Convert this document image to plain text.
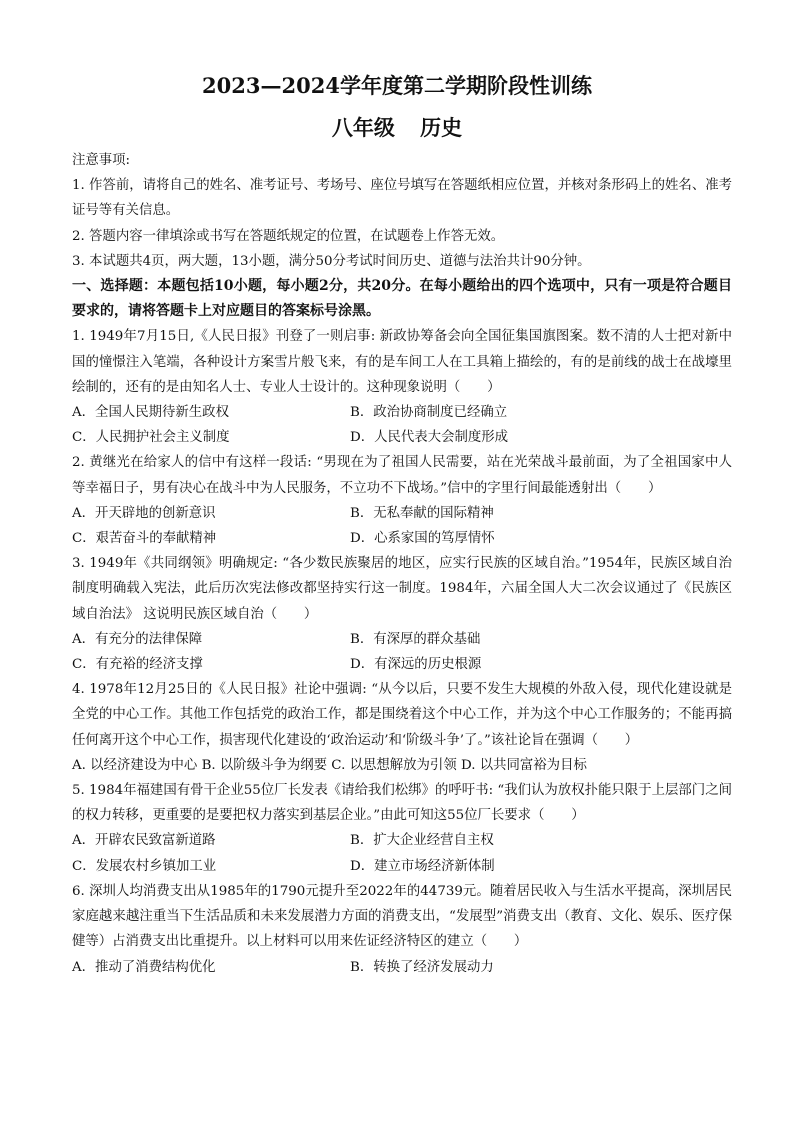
2023—2024学年度第二学期阶段性训练
八年级 历史

注意事项:

1. 作答前，请将自己的姓名、准考证号、考场号、座位号填写在答题纸相应位置，并核对条形码上的姓名、准考证号等有关信息。

2. 答题内容一律填涂或书写在答题纸规定的位置，在试题卷上作答无效。

3. 本试题共4页，两大题，13小题，满分50分考试时间历史、道德与法治共计90分钟。

一、选择题：本题包括10小题，每小题2分，共20分。在每小题给出的四个选项中，只有一项是符合题目要求的，请将答题卡上对应题目的答案标号涂黑。

1. 1949年7月15日,《人民日报》刊登了一则启事: 新政协筹备会向全国征集国旗图案。数不清的人士把对新中国的憧憬注入笔端，各种设计方案雪片般飞来，有的是车间工人在工具箱上描绘的，有的是前线的战士在战壕里绘制的，还有的是由知名人士、专业人士设计的。这种现象说明（　　）

A．全国人民期待新生政权	B．政治协商制度已经确立
C．人民拥护社会主义制度	D．人民代表大会制度形成

2. 黄继光在给家人的信中有这样一段话: “男现在为了祖国人民需要，站在光荣战斗最前面，为了全祖国家中人等幸福日子，男有决心在战斗中为人民服务，不立功不下战场。”信中的字里行间最能透射出（　　）

A．开天辟地的创新意识	B．无私奉献的国际精神
C．艰苦奋斗的奉献精神	D．心系家国的笃厚情怀

3. 1949年《共同纲领》明确规定: “各少数民族聚居的地区，应实行民族的区域自治。”1954年，民族区域自治制度明确载入宪法，此后历次宪法修改都坚持实行这一制度。1984年，六届全国人大二次会议通过了《民族区域自治法》 这说明民族区域自治（　　）

A．有充分的法律保障	B．有深厚的群众基础
C．有充裕的经济支撑	D．有深远的历史根源

4. 1978年12月25日的《人民日报》社论中强调: “从今以后，只要不发生大规模的外敌入侵，现代化建设就是全党的中心工作。其他工作包括党的政治工作，都是围绕着这个中心工作，并为这个中心工作服务的；不能再搞任何离开这个中心工作，损害现代化建设的‘政治运动’和‘阶级斗争’了。”该社论旨在强调（　　）

A. 以经济建设为中心 B. 以阶级斗争为纲要 C. 以思想解放为引领 D. 以共同富裕为目标

5. 1984年福建国有骨干企业55位厂长发表《请给我们松绑》的呼吁书: “我们认为放权扑能只限于上层部门之间的权力转移，更重要的是要把权力落实到基层企业。”由此可知这55位厂长要求（　　）

A．开辟农民致富新道路	B．扩大企业经营自主权
C．发展农村乡镇加工业	D．建立市场经济新体制

6. 深圳人均消费支出从1985年的1790元提升至2022年的44739元。随着居民收入与生活水平提高，深圳居民家庭越来越注重当下生活品质和未来发展潜力方面的消费支出，“发展型”消费支出（教育、文化、娱乐、医疗保健等）占消费支出比重提升。以上材料可以用来佐证经济特区的建立（　　）

A．推动了消费结构优化	B．转换了经济发展动力
